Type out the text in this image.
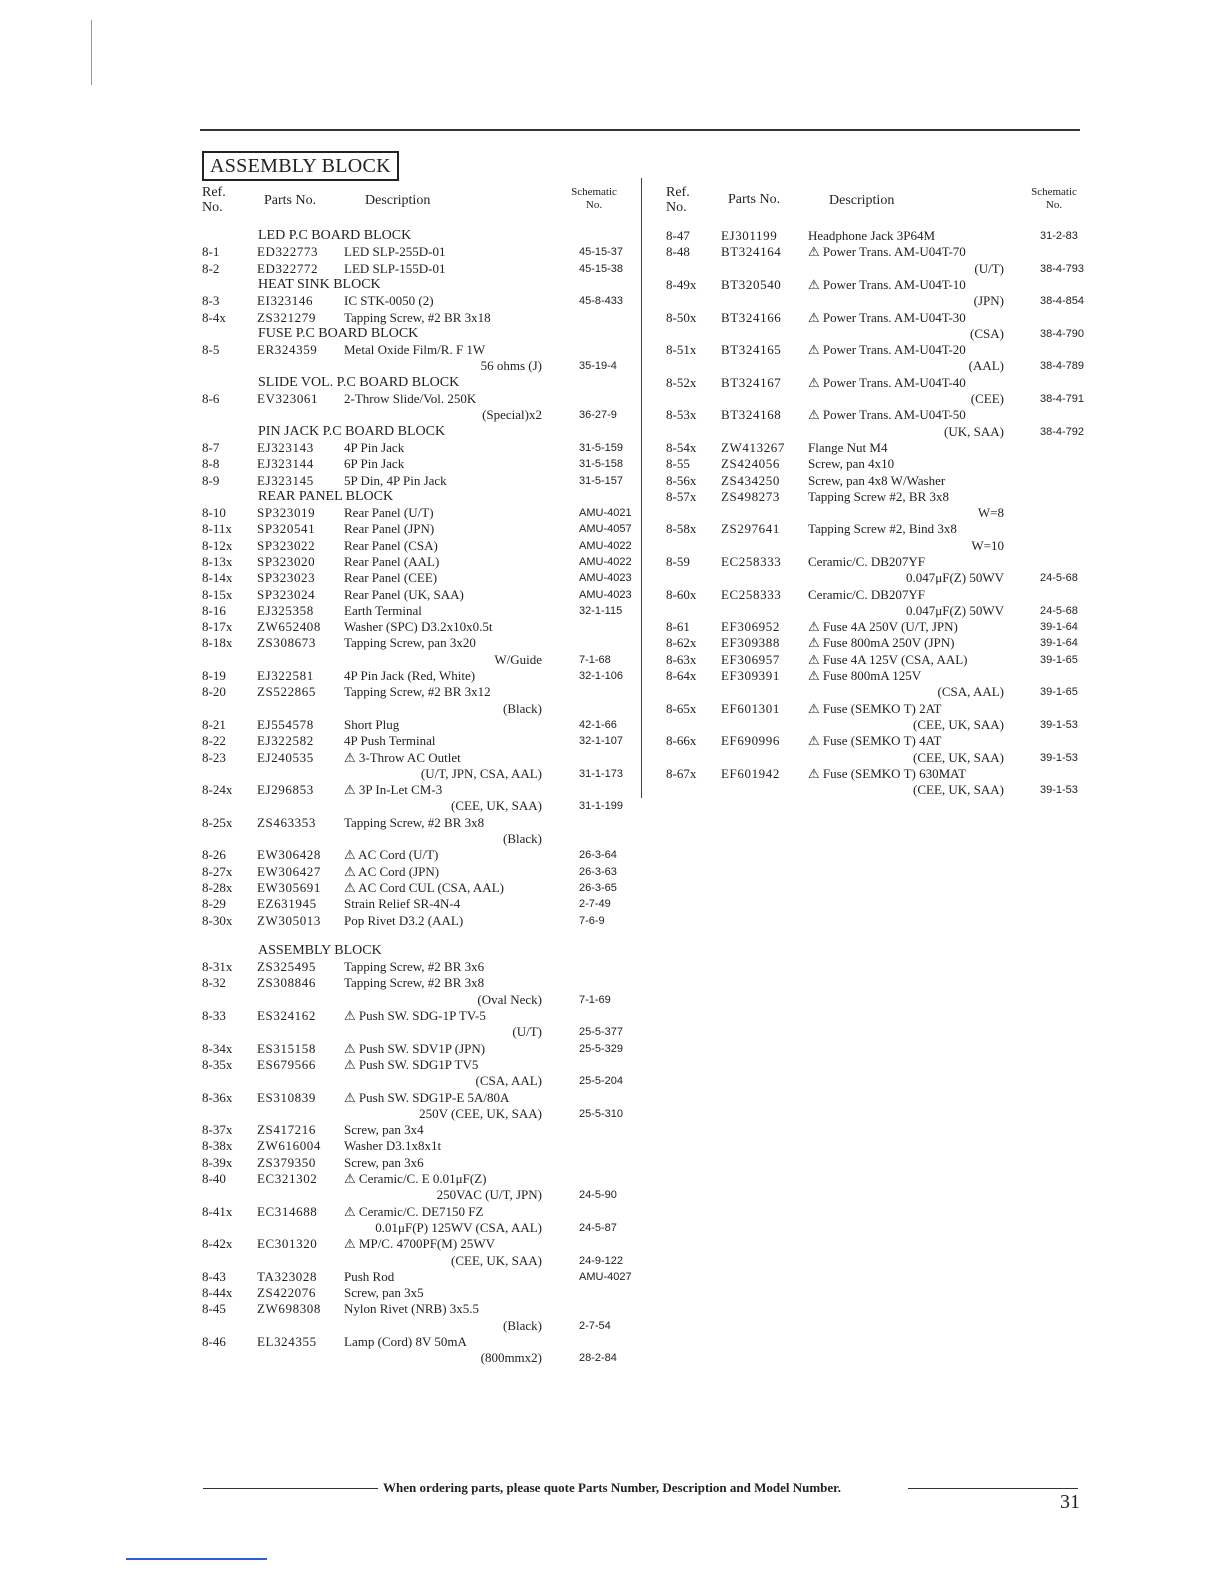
ASSEMBLY BLOCK
Ref.
No.	Parts No.	Description
Schematic
No.
Ref.
No.
Parts No.	Description
Schematic
No.
LED P.C BOARD BLOCK
8-1	ED322773 LED SLP-255D-01	45-15-37
8-2	ED322772 LED SLP-155D-01	45-15-38
HEAT SINK BLOCK
8-3	EI323146 IC STK-0050 (2)	45-8-433
8-4x ZS321279 Tapping Screw, #2 BR 3x18
FUSE P.C BOARD BLOCK
8-5	ER324359 Metal Oxide Film/R. F 1W
56 ohms (J)	35-19-4
SLIDE VOL. P.C BOARD BLOCK
8-6	EV323061 2-Throw Slide/Vol. 250K
(Special)x2	36-27-9
PIN JACK P.C BOARD BLOCK
8-7	EJ323143 4P Pin Jack	31-5-159
8-8	EJ323144 6P Pin Jack	31-5-158
8-9	EJ323145 5P Din, 4P Pin Jack	31-5-157
REAR PANEL BLOCK
8-10 SP323019 Rear Panel (U/T)	AMU-4021
8-11x SP320541 Rear Panel (JPN)	AMU-4057
8-12x SP323022 Rear Panel (CSA)	AMU-4022
8-13x SP323020 Rear Panel (AAL)	AMU-4022
8-14x SP323023 Rear Panel (CEE)	AMU-4023
8-15x SP323024 Rear Panel (UK, SAA)	AMU-4023
8-16 EJ325358 Earth Terminal	32-1-115
8-17x ZW652408 Washer (SPC) D3.2x10x0.5t
8-18x ZS308673 Tapping Screw, pan 3x20
W/Guide	7-1-68
8-19 EJ322581 4P Pin Jack (Red, White)	32-1-106
8-20 ZS522865 Tapping Screw, #2 BR 3x12
(Black)
8-21 EJ554578 Short Plug	42-1-66
8-22 EJ322582 4P Push Terminal	32-1-107
8-23 EJ240535 ⚠ 3-Throw AC Outlet
(U/T, JPN, CSA, AAL)	31-1-173
8-24x EJ296853 ⚠ 3P In-Let CM-3
(CEE, UK, SAA)	31-1-199
8-25x ZS463353 Tapping Screw, #2 BR 3x8
(Black)
8-26 EW306428 ⚠ AC Cord (U/T)	26-3-64
8-27x EW306427 ⚠ AC Cord (JPN)	26-3-63
8-28x EW305691 ⚠ AC Cord CUL (CSA, AAL)	26-3-65
8-29 EZ631945 Strain Relief SR-4N-4	2-7-49
8-30x ZW305013 Pop Rivet D3.2 (AAL)	7-6-9
ASSEMBLY BLOCK
8-31x ZS325495 Tapping Screw, #2 BR 3x6
8-32 ZS308846 Tapping Screw, #2 BR 3x8
(Oval Neck)	7-1-69
8-33 ES324162 ⚠ Push SW. SDG-1P TV-5
(U/T)	25-5-377
8-34x ES315158 ⚠ Push SW. SDV1P (JPN)	25-5-329
8-35x ES679566 ⚠ Push SW. SDG1P TV5
(CSA, AAL)	25-5-204
8-36x ES310839 ⚠ Push SW. SDG1P-E 5A/80A
250V (CEE, UK, SAA)	25-5-310
8-37x ZS417216 Screw, pan 3x4
8-38x ZW616004 Washer D3.1x8x1t
8-39x ZS379350 Screw, pan 3x6
8-40 EC321302 ⚠ Ceramic/C. E 0.01μF(Z)
250VAC (U/T, JPN)	24-5-90
8-41x EC314688 ⚠ Ceramic/C. DE7150 FZ
0.01μF(P) 125WV (CSA, AAL)	24-5-87
8-42x EC301320 ⚠ MP/C. 4700PF(M) 25WV
(CEE, UK, SAA)	24-9-122
8-43 TA323028 Push Rod	AMU-4027
8-44x ZS422076 Screw, pan 3x5
8-45 ZW698308 Nylon Rivet (NRB) 3x5.5
(Black)	2-7-54
8-46 EL324355 Lamp (Cord) 8V 50mA
(800mmx2)	28-2-84
8-47 EJ301199 Headphone Jack 3P64M	31-2-83
8-48 BT324164 ⚠ Power Trans. AM-U04T-70
(U/T)	38-4-793
8-49x BT320540 ⚠ Power Trans. AM-U04T-10
(JPN)	38-4-854
8-50x BT324166 ⚠ Power Trans. AM-U04T-30
(CSA)	38-4-790
8-51x BT324165 ⚠ Power Trans. AM-U04T-20
(AAL)	38-4-789
8-52x BT324167 ⚠ Power Trans. AM-U04T-40
(CEE)	38-4-791
8-53x BT324168 ⚠ Power Trans. AM-U04T-50
(UK, SAA)	38-4-792
8-54x ZW413267 Flange Nut M4
8-55 ZS424056 Screw, pan 4x10
8-56x ZS434250 Screw, pan 4x8 W/Washer
8-57x ZS498273 Tapping Screw #2, BR 3x8
W=8
8-58x ZS297641 Tapping Screw #2, Bind 3x8
W=10
8-59 EC258333 Ceramic/C. DB207YF
0.047μF(Z) 50WV	24-5-68
8-60x EC258333 Ceramic/C. DB207YF
0.047μF(Z) 50WV	24-5-68
8-61 EF306952 ⚠ Fuse 4A 250V (U/T, JPN)	39-1-64
8-62x EF309388 ⚠ Fuse 800mA 250V (JPN)	39-1-64
8-63x EF306957 ⚠ Fuse 4A 125V (CSA, AAL)	39-1-65
8-64x EF309391 ⚠ Fuse 800mA 125V
(CSA, AAL)	39-1-65
8-65x EF601301 ⚠ Fuse (SEMKO T) 2AT
(CEE, UK, SAA)	39-1-53
8-66x EF690996 ⚠ Fuse (SEMKO T) 4AT
(CEE, UK, SAA)	39-1-53
8-67x EF601942 ⚠ Fuse (SEMKO T) 630MAT
(CEE, UK, SAA)	39-1-53
When ordering parts, please quote Parts Number, Description and Model Number.
31
